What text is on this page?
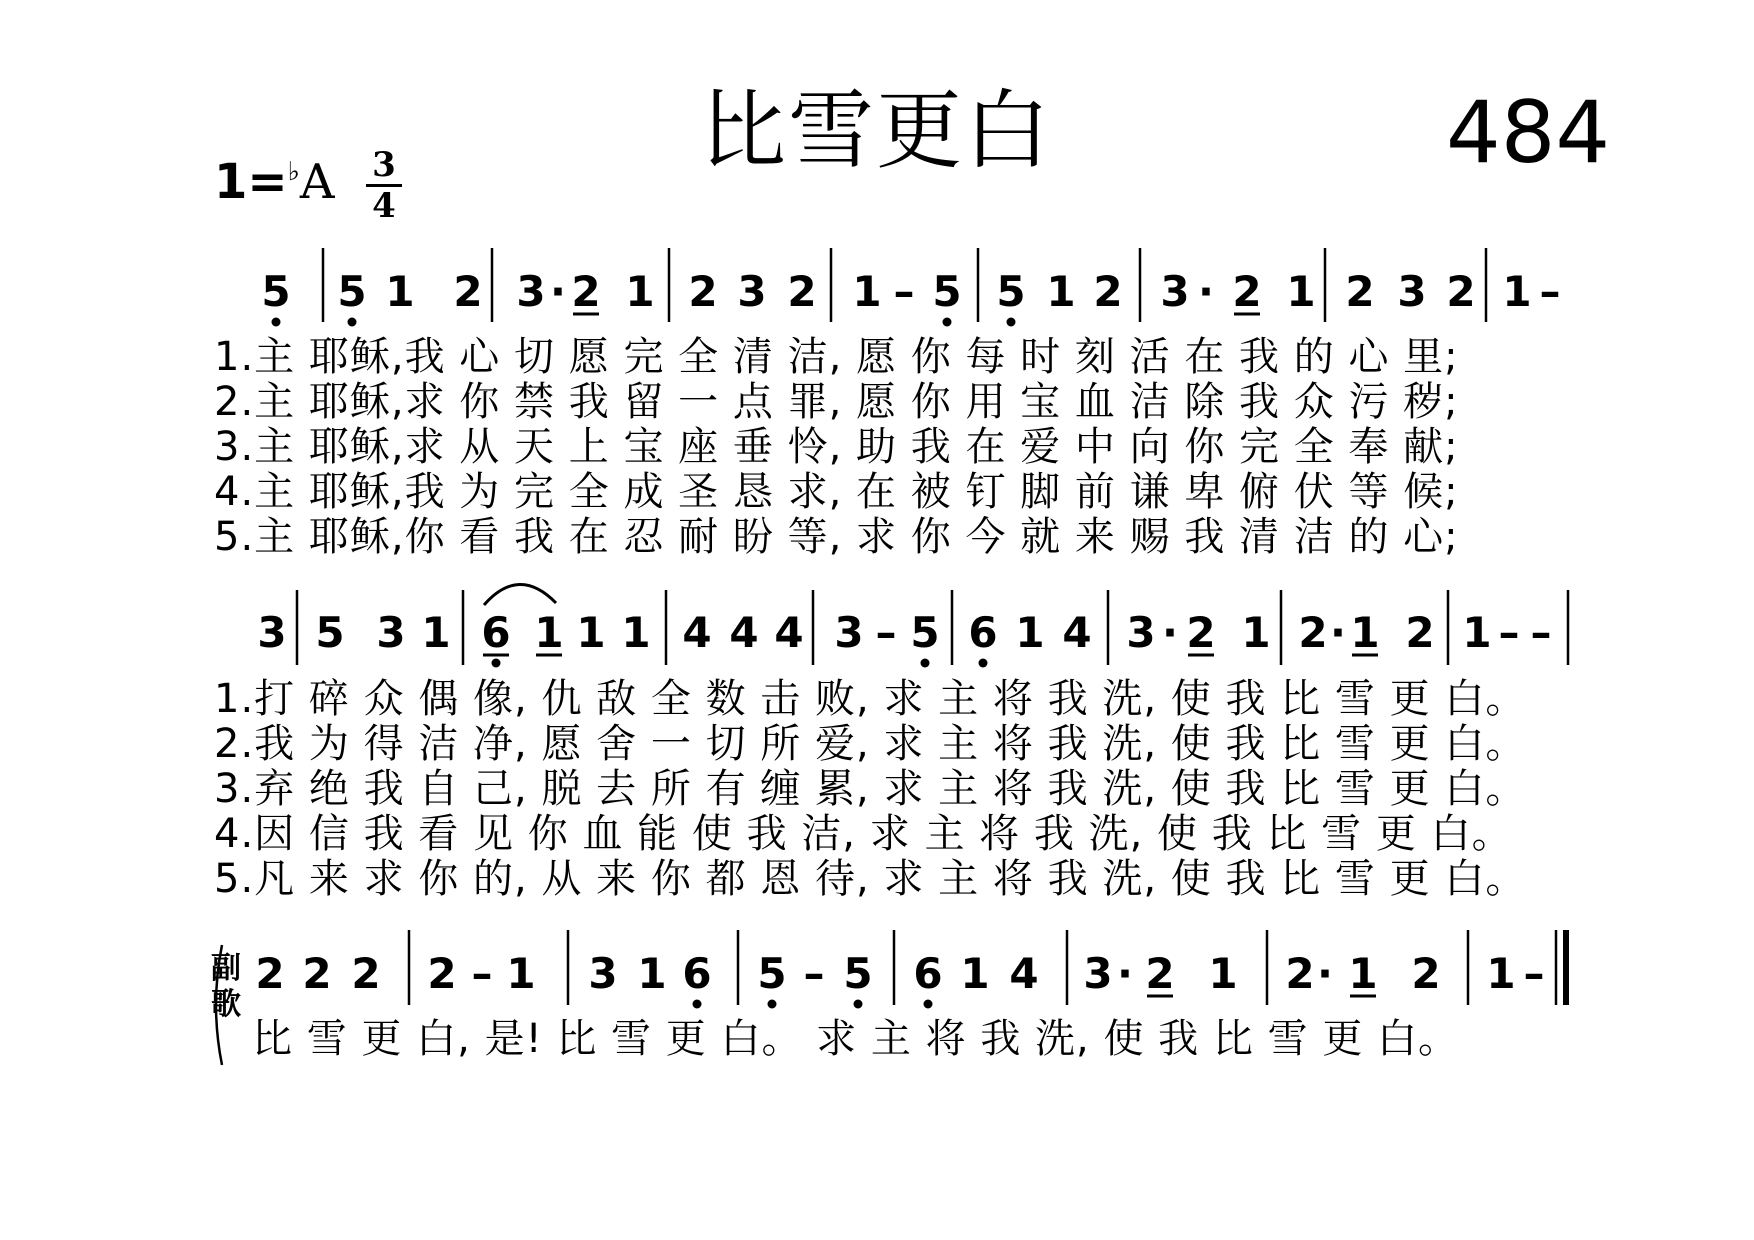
比雪更白	484
1=♭A 3
4
5 5 1 2 3 · 2 1 2 3 2 1 – 5 5 1 2 3 · 2 1 2 3 2 1 –
1.主 耶稣,我 心 切 愿 完 全 清 洁, 愿 你 每 时 刻 活 在 我 的 心 里;
2.主 耶稣,求 你 禁 我 留 一 点 罪, 愿 你 用 宝 血 洁 除 我 众 污 秽;
3.主 耶稣,求 从 天 上 宝 座 垂 怜, 助 我 在 爱 中 向 你 完 全 奉 献;
4.主 耶稣,我 为 完 全 成 圣 恳 求, 在 被 钉 脚 前 谦 卑 俯 伏 等 候;
5.主 耶稣,你 看 我 在 忍 耐 盼 等, 求 你 今 就 来 赐 我 清 洁 的 心;
3 5 3 1 6 1 1 1 4 4 4 3 – 5 6 1 4 3 · 2 1 2 · 1 2 1 – –
1.打 碎 众 偶 像, 仇 敌 全 数 击 败, 求 主 将 我 洗, 使 我 比 雪 更 白。
2.我 为 得 洁 净, 愿 舍 一 切 所 爱, 求 主 将 我 洗, 使 我 比 雪 更 白。
3.弃 绝 我 自 己, 脱 去 所 有 缠 累, 求 主 将 我 洗, 使 我 比 雪 更 白。
4.因 信 我 看 见 你 血 能 使 我 洁, 求 主 将 我 洗, 使 我 比 雪 更 白。
5.凡 来 求 你 的, 从 来 你 都 恩 待, 求 主 将 我 洗, 使 我 比 雪 更 白。
2 2 2 2 – 1 3 1 6 5 – 5 6 1 4 3 · 2 1 2 · 1 2 1 –
比 雪 更 白, 是! 比 雪 更 白。 求 主 将 我 洗, 使 我 比 雪 更 白。
副
歌
